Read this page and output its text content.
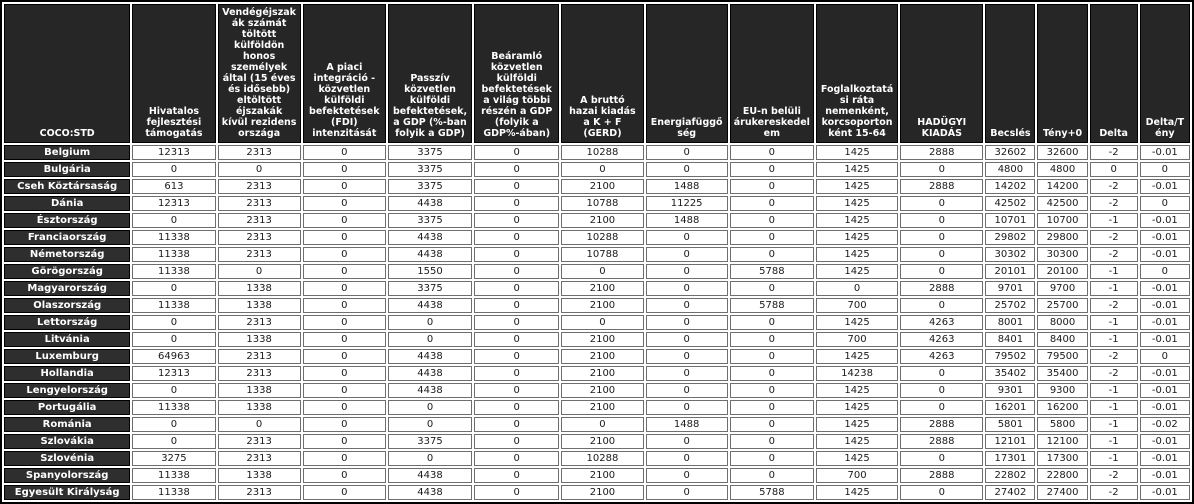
COCO:STD	Hivatalos fejlesztési támogatás	Vendégéjszakák számát töltött külföldön honos személyek által (15 éves és idősebb) eltöltött éjszakák kívül rezidens országa	A piaci integráció - közvetlen külföldi befektetések (FDI) intenzitását	Passzív közvetlen külföldi befektetések, a GDP (%-ban folyik a GDP)	Beáramló közvetlen külföldi befektetések a világ többi részén a GDP (folyik a GDP%-ában)	A bruttó hazai kiadás a K + F (GERD)	Energiafüggőség	EU-n belüli árukereskedelem	Foglalkoztatási ráta nemenként, korcsoportonként 15-64	HADÜGYI KIADÁS	Becslés	Tény+0	Delta	Delta/Tény
Belgium	12313	2313	0	3375	0	10288	0	0	1425	2888	32602	32600	-2	-0.01
Bulgária	0	0	0	3375	0	0	0	0	1425	0	4800	4800	0	0
Cseh Köztársaság	613	2313	0	3375	0	2100	1488	0	1425	2888	14202	14200	-2	-0.01
Dánia	12313	2313	0	4438	0	10788	11225	0	1425	0	42502	42500	-2	0
Észtország	0	2313	0	3375	0	2100	1488	0	1425	0	10701	10700	-1	-0.01
Franciaország	11338	2313	0	4438	0	10288	0	0	1425	0	29802	29800	-2	-0.01
Németország	11338	2313	0	4438	0	10788	0	0	1425	0	30302	30300	-2	-0.01
Görögország	11338	0	0	1550	0	0	0	5788	1425	0	20101	20100	-1	0
Magyarország	0	1338	0	3375	0	2100	0	0	0	2888	9701	9700	-1	-0.01
Olaszország	11338	1338	0	4438	0	2100	0	5788	700	0	25702	25700	-2	-0.01
Lettország	0	2313	0	0	0	0	0	0	1425	4263	8001	8000	-1	-0.01
Litvánia	0	1338	0	0	0	2100	0	0	700	4263	8401	8400	-1	-0.01
Luxemburg	64963	2313	0	4438	0	2100	0	0	1425	4263	79502	79500	-2	0
Hollandia	12313	2313	0	4438	0	2100	0	0	14238	0	35402	35400	-2	-0.01
Lengyelország	0	1338	0	4438	0	2100	0	0	1425	0	9301	9300	-1	-0.01
Portugália	11338	1338	0	0	0	2100	0	0	1425	0	16201	16200	-1	-0.01
Románia	0	0	0	0	0	0	1488	0	1425	2888	5801	5800	-1	-0.02
Szlovákia	0	2313	0	3375	0	2100	0	0	1425	2888	12101	12100	-1	-0.01
Szlovénia	3275	2313	0	0	0	10288	0	0	1425	0	17301	17300	-1	-0.01
Spanyolország	11338	1338	0	4438	0	2100	0	0	700	2888	22802	22800	-2	-0.01
Egyesült Királyság	11338	2313	0	4438	0	2100	0	5788	1425	0	27402	27400	-2	-0.01
